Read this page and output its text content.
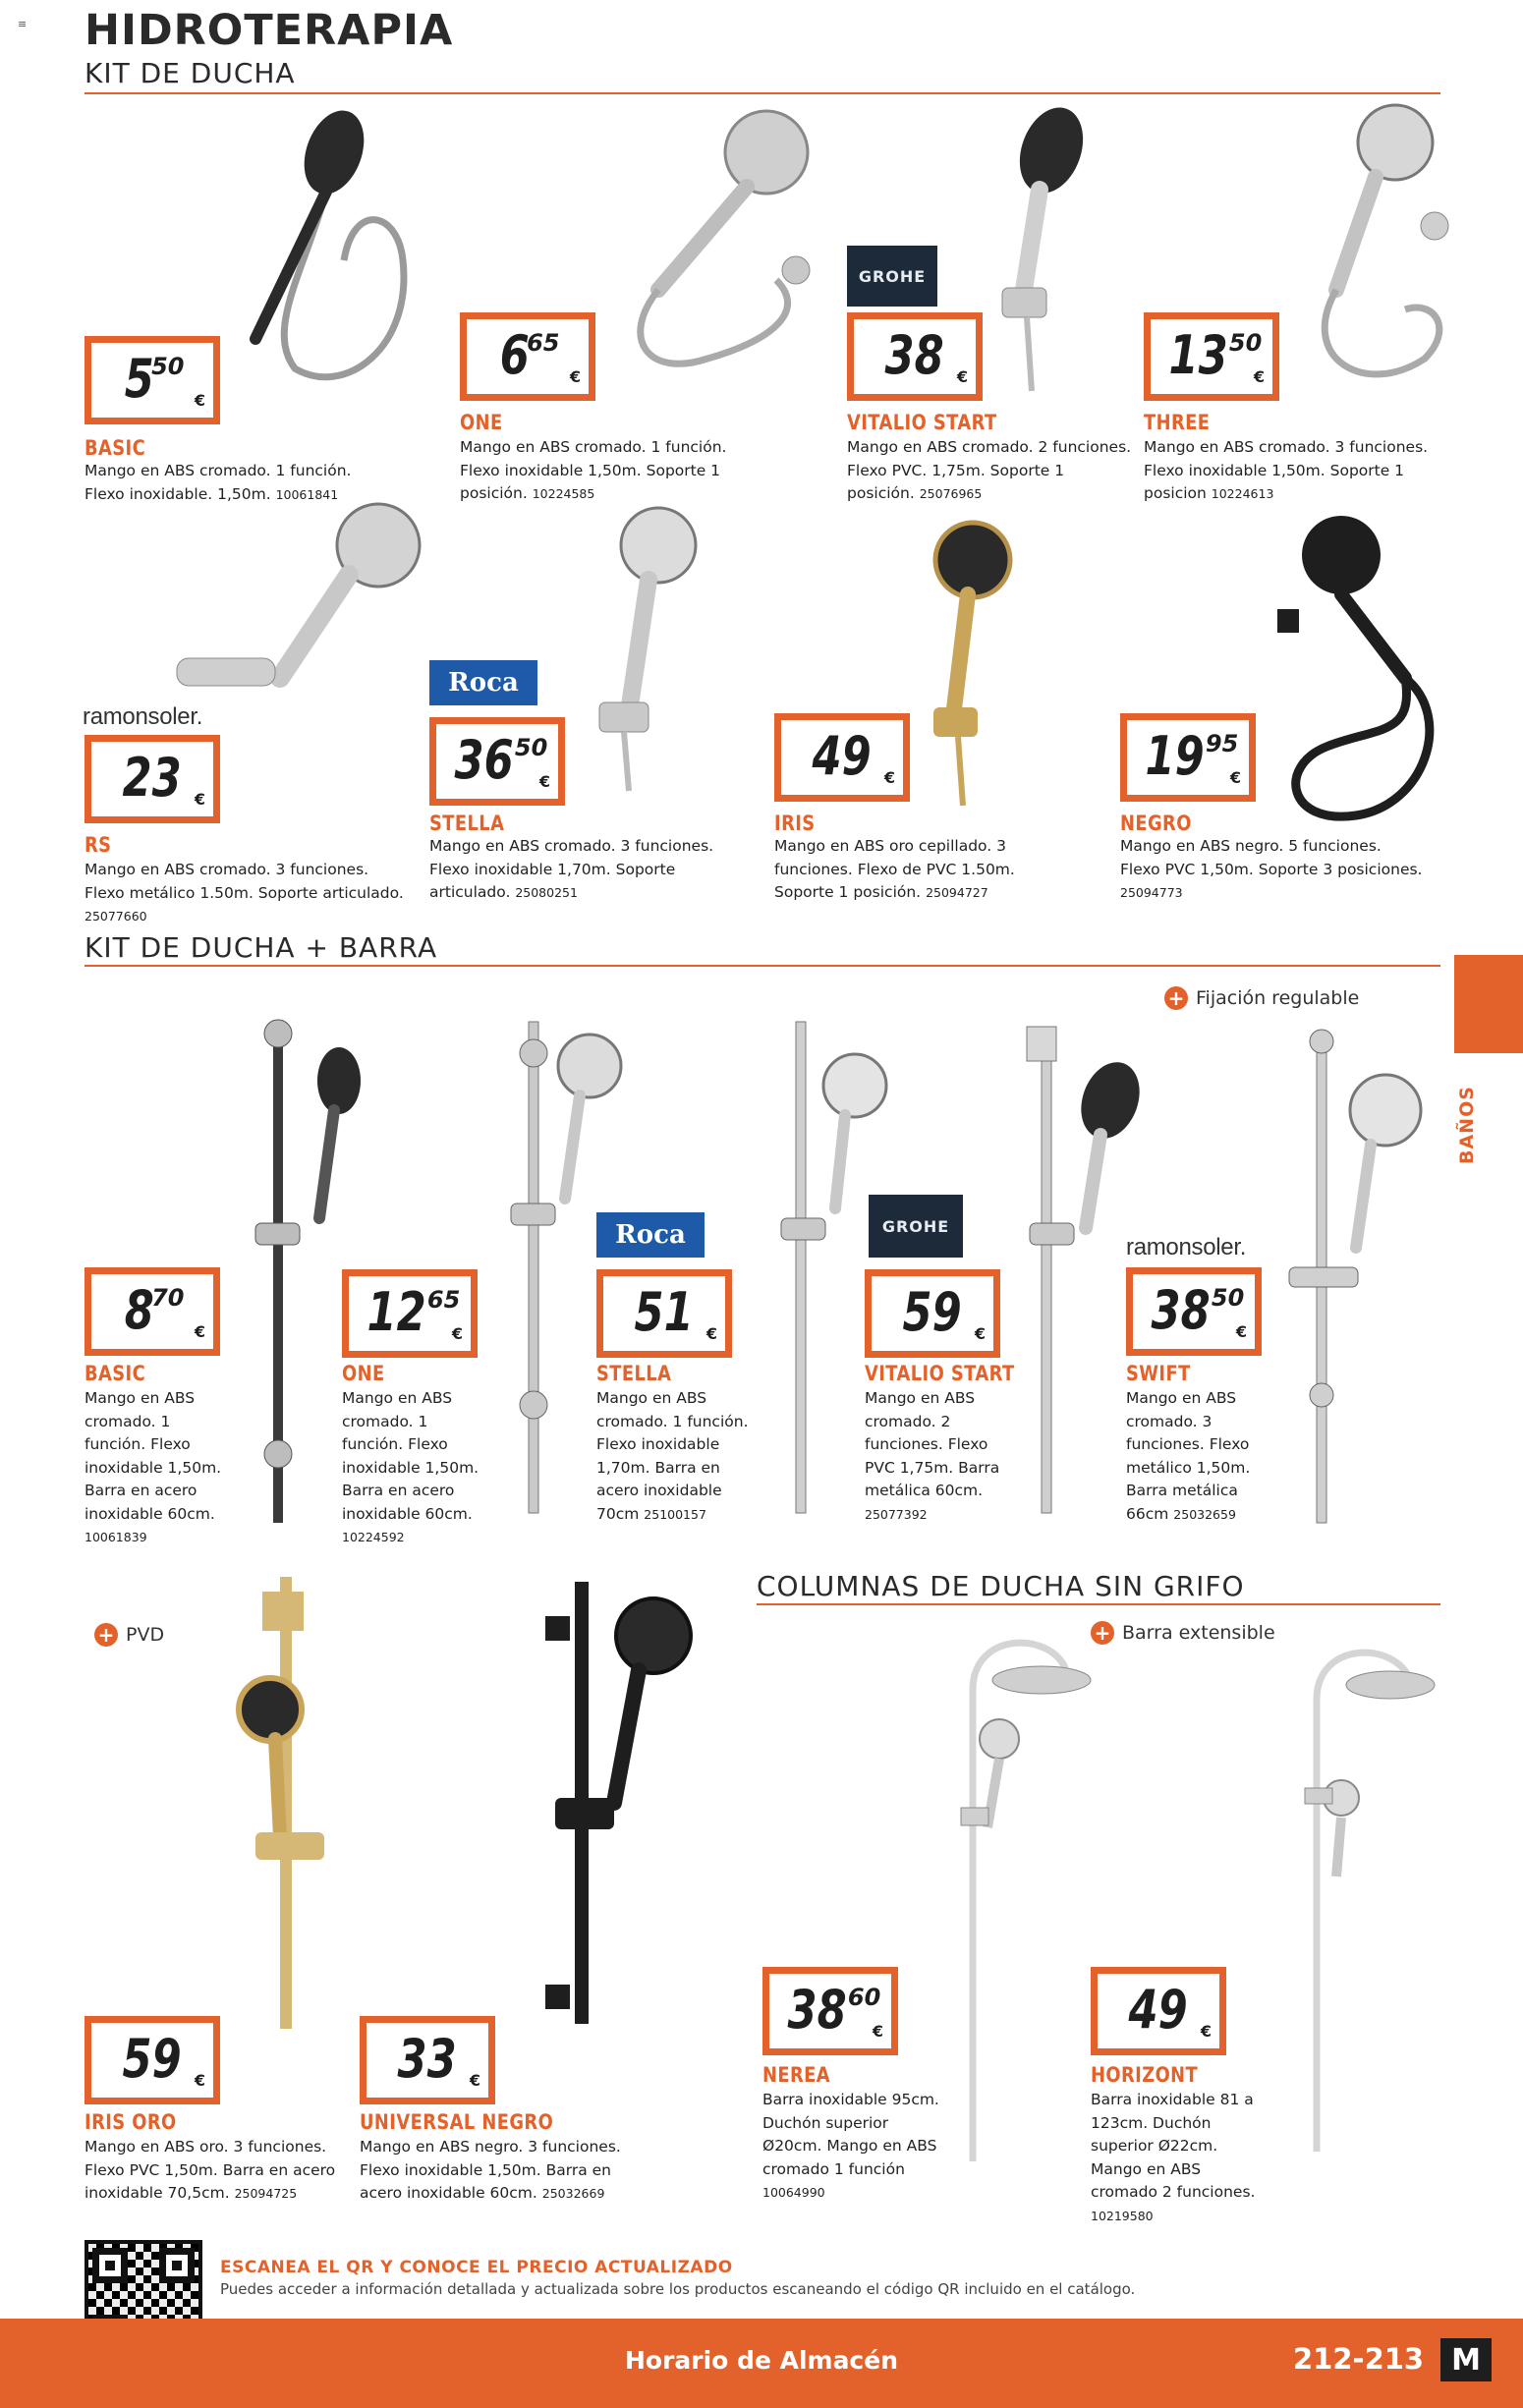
≡ HIDROTERAPIA
KIT DE DUCHA
5
50
€
BASIC
Mango en ABS cromado. 1 función. Flexo inoxidable. 1,50m. 10061841
6
65
€
ONE
Mango en ABS cromado. 1 función. Flexo inoxidable 1,50m. Soporte 1 posición. 10224585
GROHE
38 €
VITALIO START
Mango en ABS cromado. 2 funciones. Flexo PVC. 1,75m. Soporte 1 posición. 25076965
13 50
€
THREE
Mango en ABS cromado. 3 funciones. Flexo inoxidable 1,50m. Soporte 1 posicion 10224613
ramonsoler.
23 €
RS
Mango en ABS cromado. 3 funciones. Flexo metálico 1.50m. Soporte articulado. 25077660
Roca
36 50
€
STELLA
Mango en ABS cromado. 3 funciones. Flexo inoxidable 1,70m. Soporte articulado. 25080251
49 €
IRIS
Mango en ABS oro cepillado. 3 funciones. Flexo de PVC 1.50m. Soporte 1 posición. 25094727
19 95
€
NEGRO
Mango en ABS negro. 5 funciones. Flexo PVC 1,50m. Soporte 3 posiciones. 25094773
KIT DE DUCHA + BARRA
BAÑOS
+ Fijación regulable
8
70
€
BASIC
Mango en ABS cromado. 1 función. Flexo inoxidable 1,50m. Barra en acero inoxidable 60cm. 10061839
12 65
€
ONE
Mango en ABS cromado. 1 función. Flexo inoxidable 1,50m. Barra en acero inoxidable 60cm. 10224592
Roca
51 €
STELLA
Mango en ABS cromado. 1 función. Flexo inoxidable 1,70m. Barra en acero inoxidable 70cm 25100157
GROHE
59 €
VITALIO START
Mango en ABS cromado. 2 funciones. Flexo PVC 1,75m. Barra metálica 60cm. 25077392
ramonsoler.
38 50
€
SWIFT
Mango en ABS cromado. 3 funciones. Flexo metálico 1,50m. Barra metálica 66cm 25032659
+ PVD
59 €
IRIS ORO
Mango en ABS oro. 3 funciones. Flexo PVC 1,50m. Barra en acero inoxidable 70,5cm. 25094725
33 €
UNIVERSAL NEGRO
Mango en ABS negro. 3 funciones. Flexo inoxidable 1,50m. Barra en acero inoxidable 60cm. 25032669
COLUMNAS DE DUCHA SIN GRIFO
+ Barra extensible
38 60
€
NEREA
Barra inoxidable 95cm. Duchón superior Ø20cm. Mango en ABS cromado 1 función 10064990
49 €
HORIZONT
Barra inoxidable 81 a 123cm. Duchón superior Ø22cm. Mango en ABS cromado 2 funciones. 10219580
ESCANEA EL QR Y CONOCE EL PRECIO ACTUALIZADO
Puedes acceder a información detallada y actualizada sobre los productos escaneando el código QR incluido en el catálogo.
Horario de Almacén	212-213 M
